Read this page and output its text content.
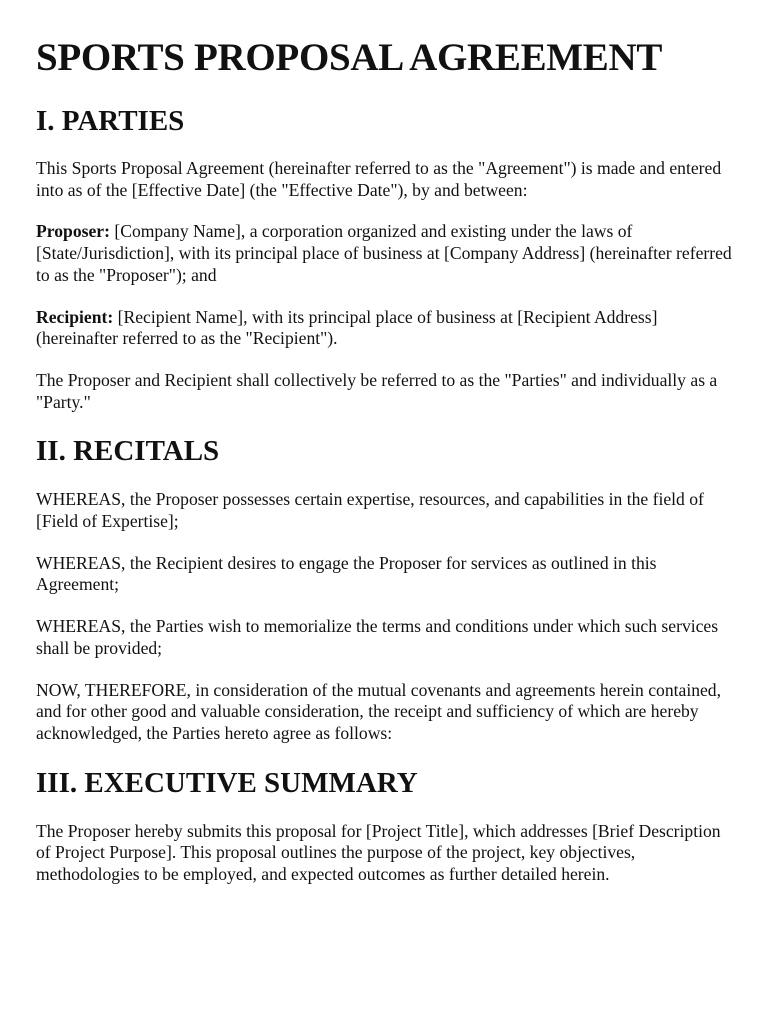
SPORTS PROPOSAL AGREEMENT
I. PARTIES

This Sports Proposal Agreement (hereinafter referred to as the "Agreement") is made and entered into as of the [Effective Date] (the "Effective Date"), by and between:

Proposer: [Company Name], a corporation organized and existing under the laws of [State/Jurisdiction], with its principal place of business at [Company Address] (hereinafter referred to as the "Proposer"); and

Recipient: [Recipient Name], with its principal place of business at [Recipient Address] (hereinafter referred to as the "Recipient").

The Proposer and Recipient shall collectively be referred to as the "Parties" and individually as a "Party."

II. RECITALS

WHEREAS, the Proposer possesses certain expertise, resources, and capabilities in the field of [Field of Expertise];

WHEREAS, the Recipient desires to engage the Proposer for services as outlined in this Agreement;

WHEREAS, the Parties wish to memorialize the terms and conditions under which such services shall be provided;

NOW, THEREFORE, in consideration of the mutual covenants and agreements herein contained, and for other good and valuable consideration, the receipt and sufficiency of which are hereby acknowledged, the Parties hereto agree as follows:

III. EXECUTIVE SUMMARY

The Proposer hereby submits this proposal for [Project Title], which addresses [Brief Description of Project Purpose]. This proposal outlines the purpose of the project, key objectives, methodologies to be employed, and expected outcomes as further detailed herein.
